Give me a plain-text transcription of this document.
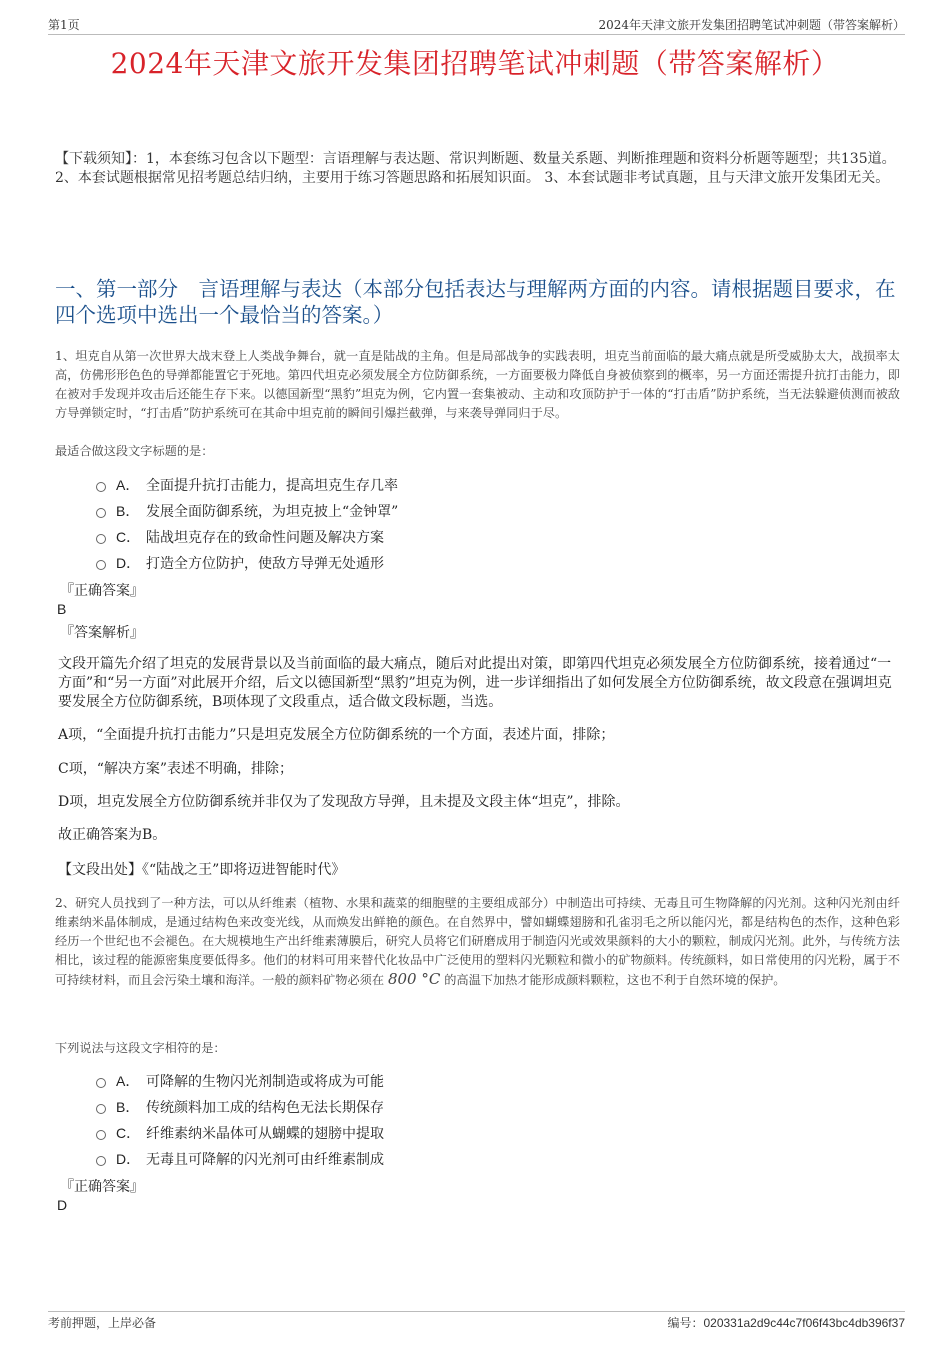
第1页	2024年天津文旅开发集团招聘笔试冲刺题（带答案解析）
2024年天津文旅开发集团招聘笔试冲刺题（带答案解析）

【下载须知】：1，本套练习包含以下题型：言语理解与表达题、常识判断题、数量关系题、判断推理题和资料分析题等题型；共135道。 2、本套试题根据常见招考题总结归纳，主要用于练习答题思路和拓展知识面。 3、本套试题非考试真题，且与天津文旅开发集团无关。

一、第一部分　言语理解与表达（本部分包括表达与理解两方面的内容。请根据题目要求，在四个选项中选出一个最恰当的答案。）

1、坦克自从第一次世界大战末登上人类战争舞台，就一直是陆战的主角。但是局部战争的实践表明，坦克当前面临的最大痛点就是所受威胁太大，战损率太高，仿佛形形色色的导弹都能置它于死地。第四代坦克必须发展全方位防御系统，一方面要极力降低自身被侦察到的概率，另一方面还需提升抗打击能力，即在被对手发现并攻击后还能生存下来。以德国新型“黑豹”坦克为例，它内置一套集被动、主动和攻顶防护于一体的“打击盾”防护系统，当无法躲避侦测而被敌方导弹锁定时，“打击盾”防护系统可在其命中坦克前的瞬间引爆拦截弹，与来袭导弹同归于尽。

最适合做这段文字标题的是：

A． 全面提升抗打击能力，提高坦克生存几率
B． 发展全面防御系统，为坦克披上“金钟罩”
C． 陆战坦克存在的致命性问题及解决方案
D． 打造全方位防护，使敌方导弹无处遁形
『正确答案』
B
『答案解析』

文段开篇先介绍了坦克的发展背景以及当前面临的最大痛点，随后对此提出对策，即第四代坦克必须发展全方位防御系统，接着通过“一方面”和“另一方面”对此展开介绍，后文以德国新型“黑豹”坦克为例，进一步详细指出了如何发展全方位防御系统，故文段意在强调坦克要发展全方位防御系统，B项体现了文段重点，适合做文段标题，当选。

A项，“全面提升抗打击能力”只是坦克发展全方位防御系统的一个方面，表述片面，排除；

C项，“解决方案”表述不明确，排除；

D项，坦克发展全方位防御系统并非仅为了发现敌方导弹，且未提及文段主体“坦克”，排除。

故正确答案为B。

【文段出处】《“陆战之王”即将迈进智能时代》

2、研究人员找到了一种方法，可以从纤维素（植物、水果和蔬菜的细胞壁的主要组成部分）中制造出可持续、无毒且可生物降解的闪光剂。这种闪光剂由纤维素纳米晶体制成，是通过结构色来改变光线，从而焕发出鲜艳的颜色。在自然界中，譬如蝴蝶翅膀和孔雀羽毛之所以能闪光，都是结构色的杰作，这种色彩经历一个世纪也不会褪色。在大规模地生产出纤维素薄膜后，研究人员将它们研磨成用于制造闪光或效果颜料的大小的颗粒，制成闪光剂。此外，与传统方法相比，该过程的能源密集度要低得多。他们的材料可用来替代化妆品中广泛使用的塑料闪光颗粒和微小的矿物颜料。传统颜料，如日常使用的闪光粉，属于不可持续材料，而且会污染土壤和海洋。一般的颜料矿物必须在 800 °C 的高温下加热才能形成颜料颗粒，这也不利于自然环境的保护。

下列说法与这段文字相符的是：

A． 可降解的生物闪光剂制造或将成为可能
B． 传统颜料加工成的结构色无法长期保存
C． 纤维素纳米晶体可从蝴蝶的翅膀中提取
D． 无毒且可降解的闪光剂可由纤维素制成
『正确答案』
D
考前押题，上岸必备	编号：020331a2d9c44c7f06f43bc4db396f37
